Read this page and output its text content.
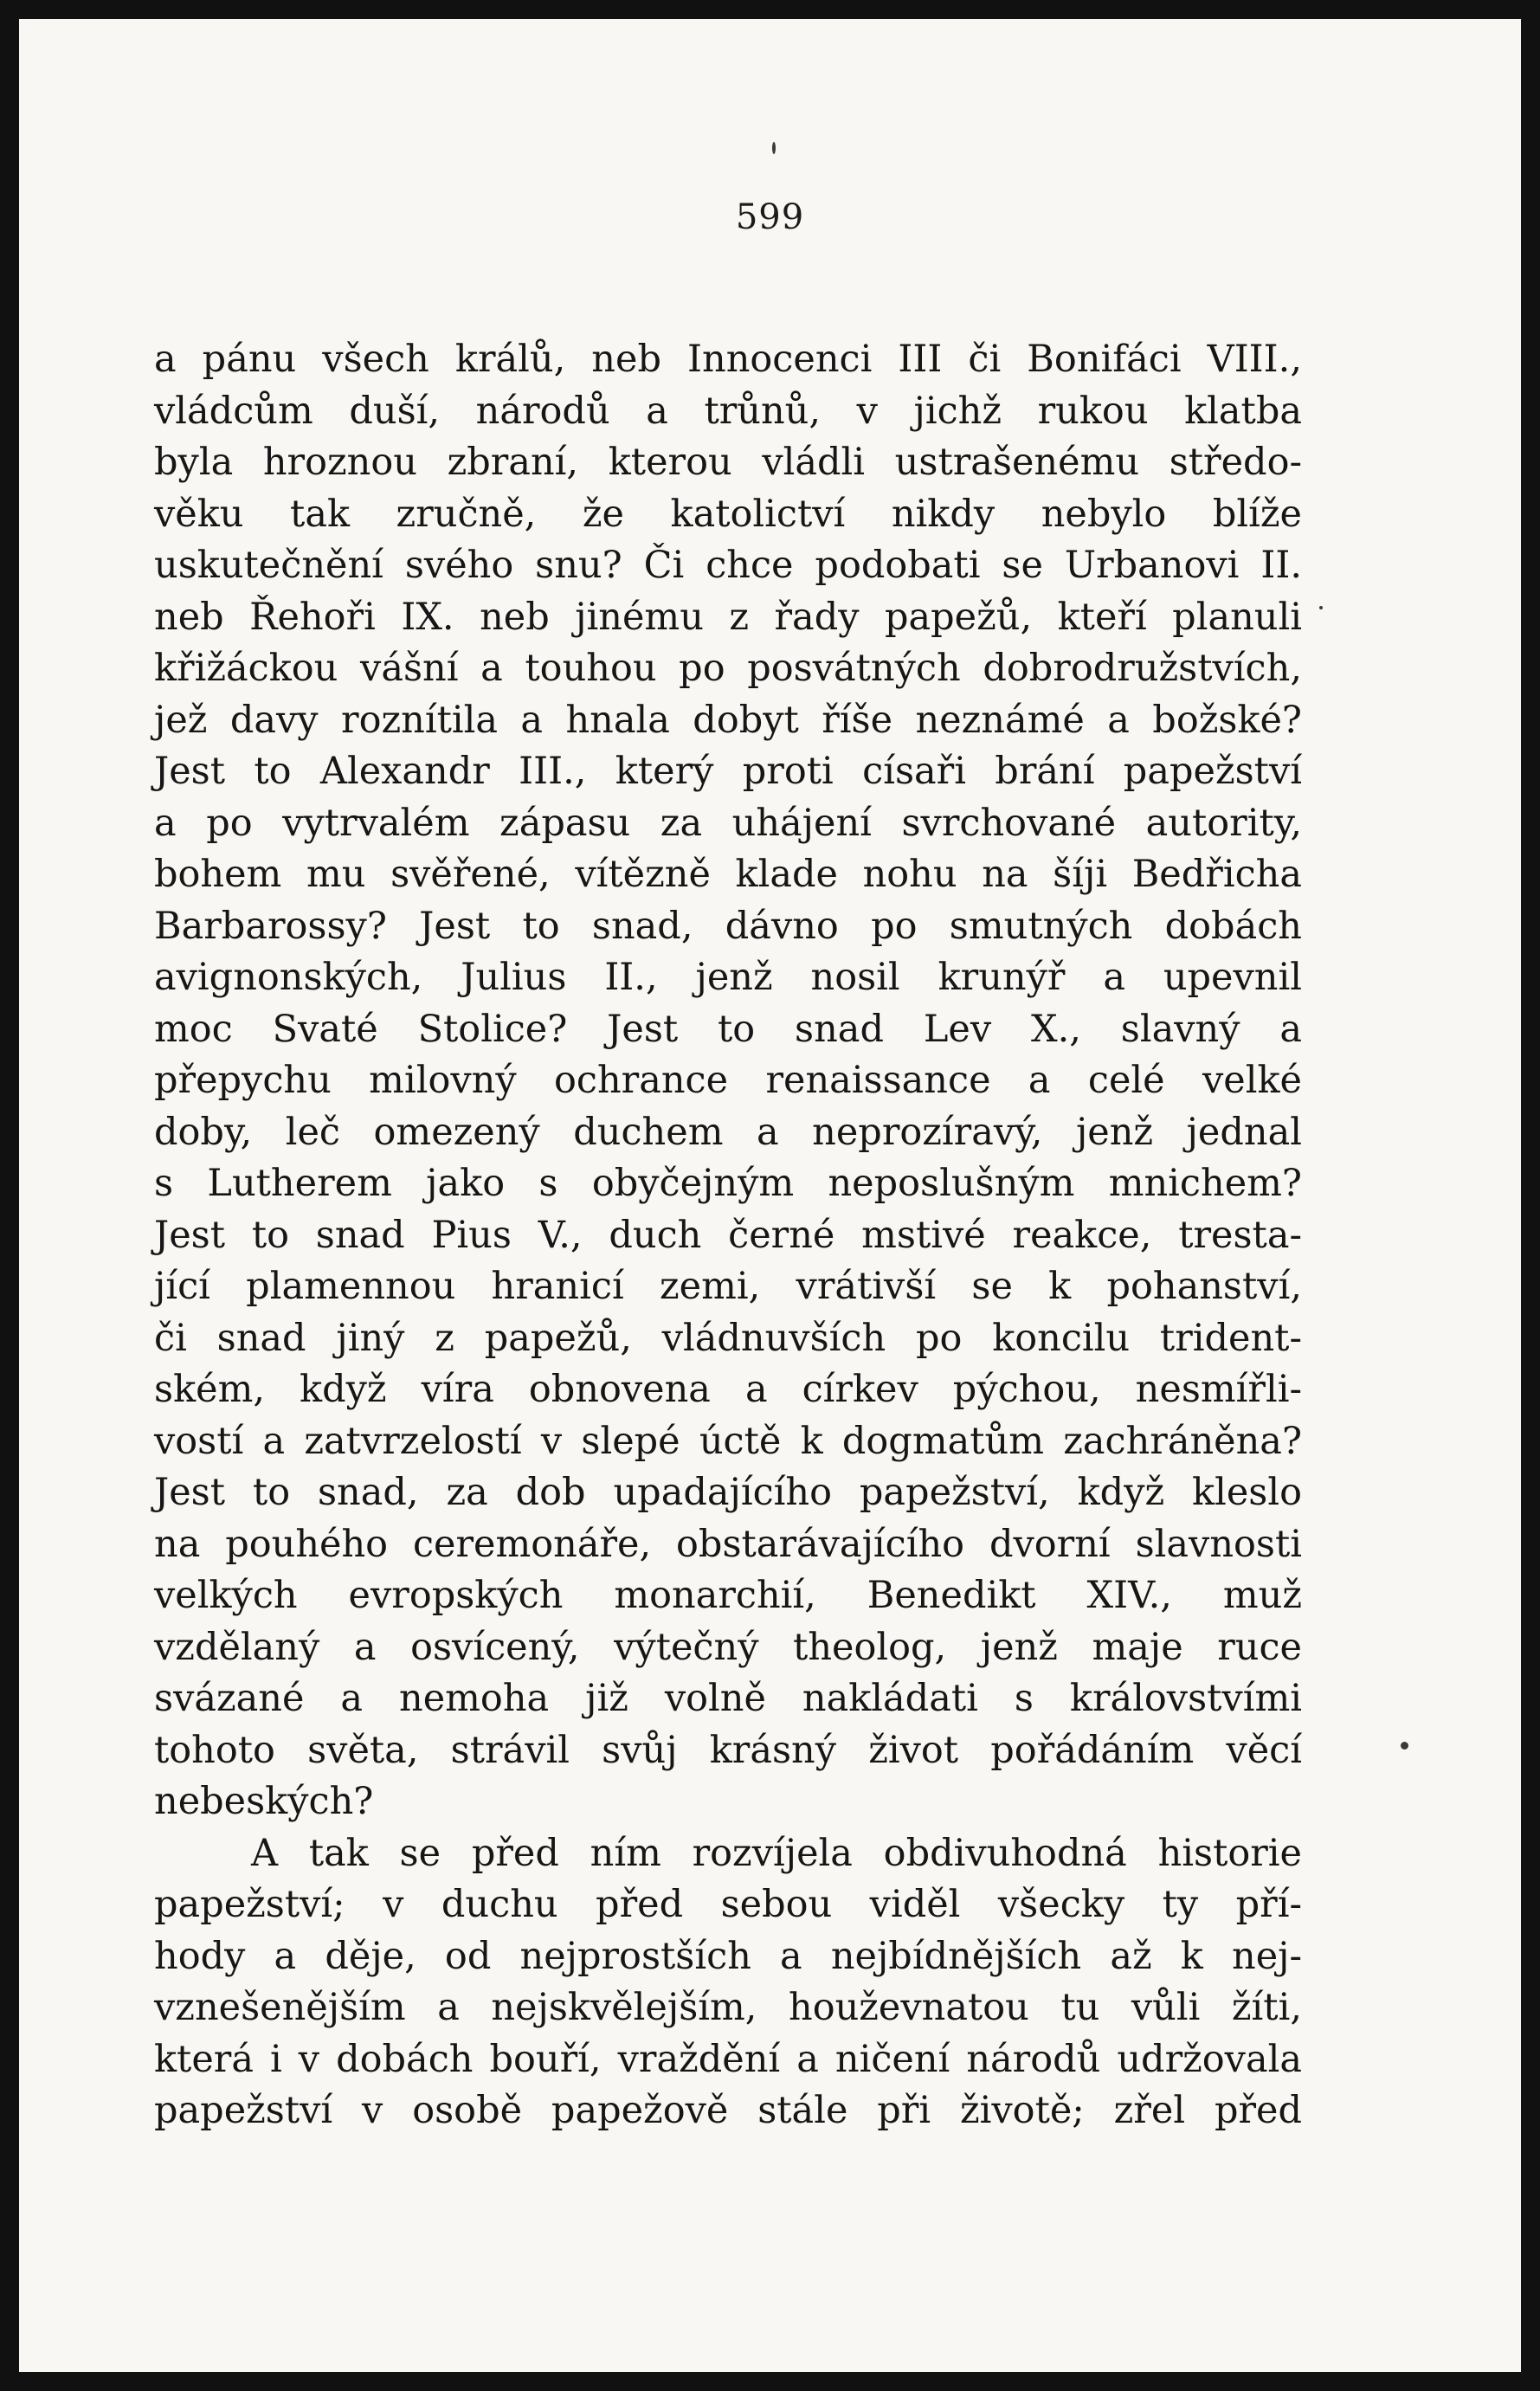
599
a pánu všech králů, neb Innocenci III či Bonifáci VIII.,
vládcům duší, národů a trůnů, v jichž rukou klatba
byla hroznou zbraní, kterou vládli ustrašenému středo-
věku tak zručně, že katolictví nikdy nebylo blíže
uskutečnění svého snu? Či chce podobati se Urbanovi II.
neb Řehoři IX. neb jinému z řady papežů, kteří planuli
křižáckou vášní a touhou po posvátných dobrodružstvích,
jež davy roznítila a hnala dobyt říše neznámé a božské?
Jest to Alexandr III., který proti císaři brání papežství
a po vytrvalém zápasu za uhájení svrchované autority,
bohem mu svěřené, vítězně klade nohu na šíji Bedřicha
Barbarossy? Jest to snad, dávno po smutných dobách
avignonských, Julius II., jenž nosil krunýř a upevnil
moc Svaté Stolice? Jest to snad Lev X., slavný a
přepychu milovný ochrance renaissance a celé velké
doby, leč omezený duchem a neprozíravý, jenž jednal
s Lutherem jako s obyčejným neposlušným mnichem?
Jest to snad Pius V., duch černé mstivé reakce, tresta-
jící plamennou hranicí zemi, vrátivší se k pohanství,
či snad jiný z papežů, vládnuvších po koncilu trident-
ském, když víra obnovena a církev pýchou, nesmířli-
vostí a zatvrzelostí v slepé úctě k dogmatům zachráněna?
Jest to snad, za dob upadajícího papežství, když kleslo
na pouhého ceremonáře, obstarávajícího dvorní slavnosti
velkých evropských monarchií, Benedikt XIV., muž
vzdělaný a osvícený, výtečný theolog, jenž maje ruce
svázané a nemoha již volně nakládati s královstvími
tohoto světa, strávil svůj krásný život pořádáním věcí
nebeských?
A tak se před ním rozvíjela obdivuhodná historie
papežství; v duchu před sebou viděl všecky ty pří-
hody a děje, od nejprostších a nejbídnějších až k nej-
vznešenějším a nejskvělejším, houževnatou tu vůli žíti,
která i v dobách bouří, vraždění a ničení národů udržovala
papežství v osobě papežově stále při životě; zřel před
